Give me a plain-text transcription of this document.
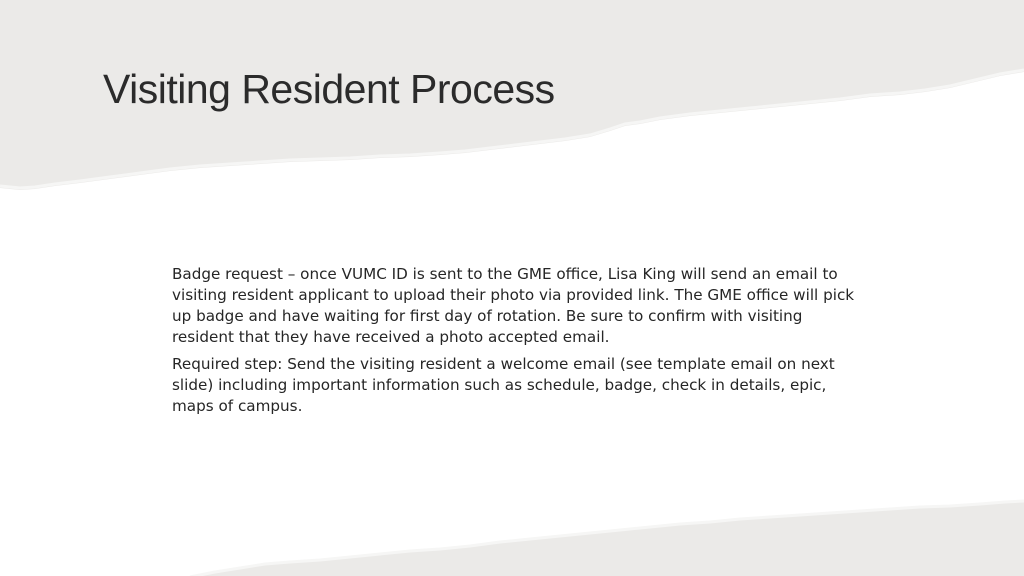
Visiting Resident Process

Badge request – once VUMC ID is sent to the GME office, Lisa King will send an email to visiting resident applicant to upload their photo via provided link. The GME office will pick up badge and have waiting for first day of rotation. Be sure to confirm with visiting resident that they have received a photo accepted email.

Required step: Send the visiting resident a welcome email (see template email on next slide) including important information such as schedule, badge, check in details, epic, maps of campus.
